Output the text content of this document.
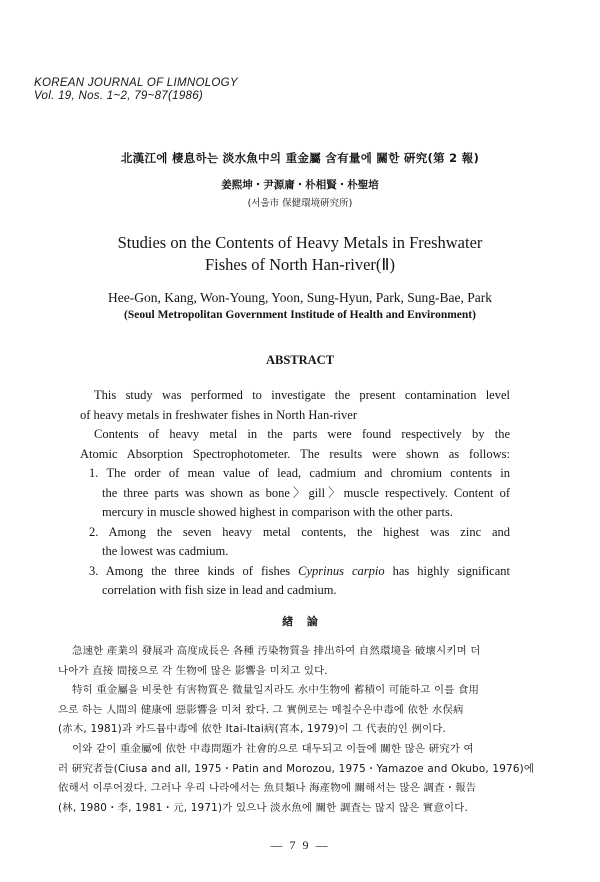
KOREAN JOURNAL OF LIMNOLOGY
Vol. 19, Nos. 1~2, 79~87(1986)
北漢江에 棲息하는 淡水魚中의 重金屬 含有量에 關한 硏究(第 2 報)
姜熙坤・尹源庸・朴相賢・朴聖培
(서울市 保健環境硏究所)
Studies on the Contents of Heavy Metals in Freshwater
Fishes of North Han-river(Ⅱ)
Hee-Gon, Kang, Won-Young, Yoon, Sung-Hyun, Park, Sung-Bae, Park
(Seoul Metropolitan Government Institude of Health and Environment)
ABSTRACT

This study was performed to investigate the present contamination level

of heavy metals in freshwater fishes in North Han-river

Contents of heavy metal in the parts were found respectively by the

Atomic Absorption Spectrophotometer. The results were shown as follows:

1. The order of mean value of lead, cadmium and chromium contents in

the three parts was shown as bone〉gill〉muscle respectively. Content of

mercury in muscle showed highest in comparison with the other parts.

2. Among the seven heavy metal contents, the highest was zinc and

the lowest was cadmium.

3. Among the three kinds of fishes Cyprinus carpio has highly significant

correlation with fish size in lead and cadmium.

緖 論

急速한 產業의 發展과 高度成長은 各種 汚染物質을 排出하여 自然環境을 破壞시키며 더

나아가 直接 間接으로 각 生物에 많은 影響을 미치고 있다.

特히 重金屬을 비롯한 有害物質은 微量일지라도 水中生物에 蓄積이 可能하고 이를 食用

으로 하는 人間의 健康에 惡影響을 미쳐 왔다. 그 實例로는 메칠수은中毒에 依한 水俣病

(赤木, 1981)과 카드뮴中毒에 依한 Itai-Itai病(宮本, 1979)이 그 代表的인 例이다.

이와 같이 重金屬에 依한 中毒問題가 社會的으로 대두되고 이들에 關한 많은 硏究가 여

러 硏究者들(Ciusa and all, 1975・Patin and Morozou, 1975・Yamazoe and Okubo, 1976)에

依해서 이루어졌다. 그러나 우리 나라에서는 魚貝類나 海產物에 關해서는 많은 調査・報告

(林, 1980・李, 1981・元, 1971)가 있으나 淡水魚에 關한 調査는 많지 않은 實意이다.

— 7 9 —
